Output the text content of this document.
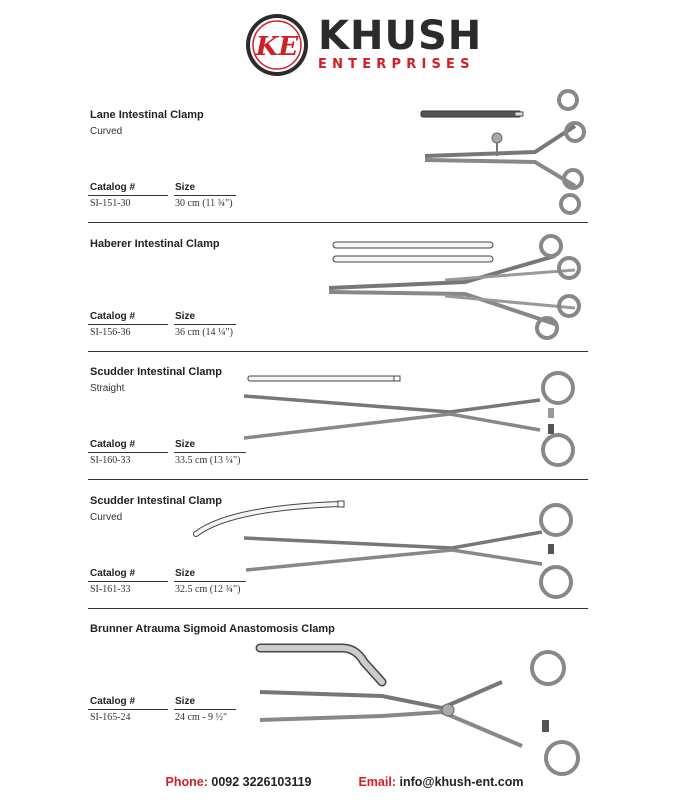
KE KHUSH
ENTERPRISES
Lane Intestinal Clamp
Curved
Catalog #	Size
SI-151-30	30 cm (11 ¾")
Haberer Intestinal Clamp
Catalog #	Size
SI-156-36	36 cm (14 ¼")
Scudder Intestinal Clamp
Straight
Catalog #	Size
SI-160-33	33.5 cm (13 ¼")
Scudder Intestinal Clamp
Curved
Catalog #	Size
SI-161-33	32.5 cm (12 ¾")
Brunner Atrauma Sigmoid Anastomosis Clamp
Catalog #	Size
SI-165-24	24 cm - 9 ½"
Phone: 0092 3226103119	Email: info@khush-ent.com
